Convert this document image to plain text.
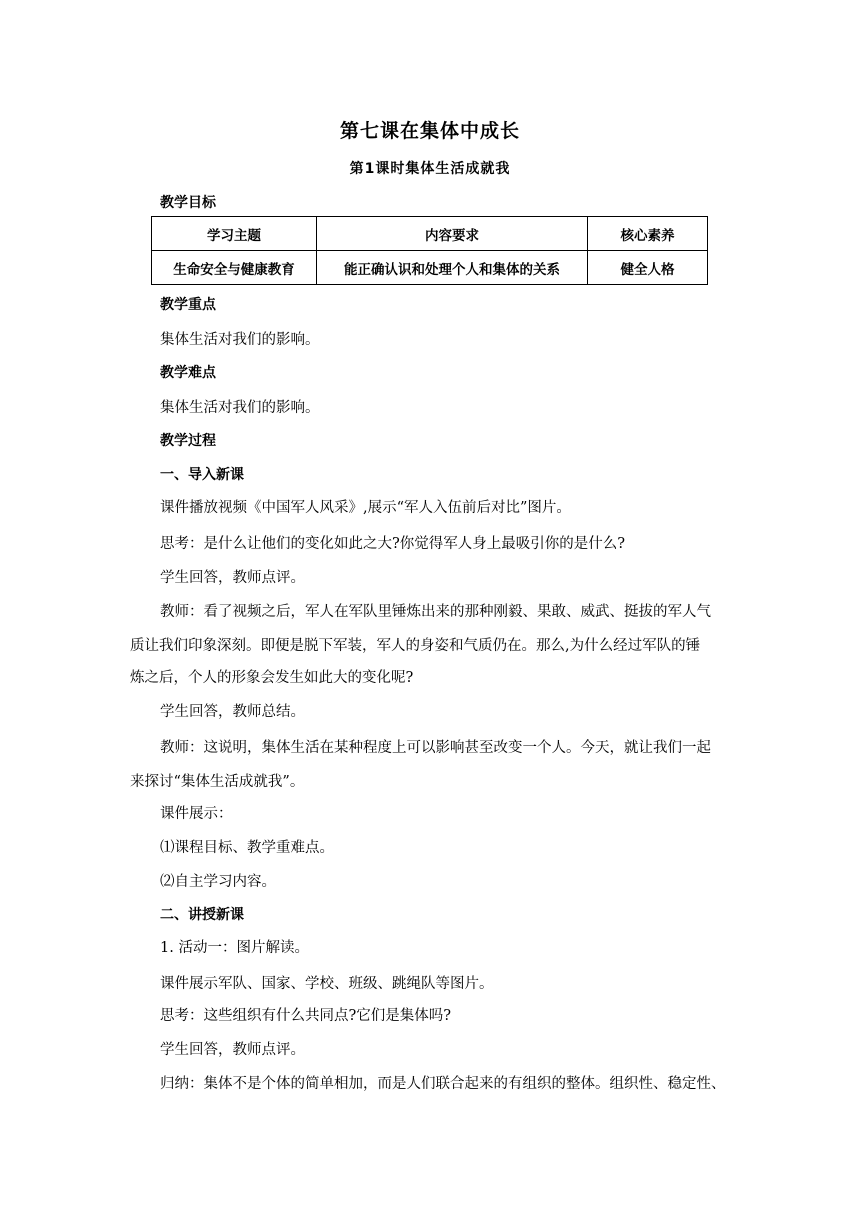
第七课在集体中成长
第1课时集体生活成就我
教学目标
学习主题	内容要求	核心素养
生命安全与健康教育	能正确认识和处理个人和集体的关系	健全人格
教学重点
集体生活对我们的影响。
教学难点
集体生活对我们的影响。
教学过程
一、导入新课
课件播放视频《中国军人风采》,展示“军人入伍前后对比”图片。
思考：是什么让他们的变化如此之大?你觉得军人身上最吸引你的是什么?
学生回答，教师点评。
教师：看了视频之后，军人在军队里锤炼出来的那种刚毅、果敢、威武、挺拔的军人气
质让我们印象深刻。即便是脱下军装，军人的身姿和气质仍在。那么,为什么经过军队的锤
炼之后，个人的形象会发生如此大的变化呢?
学生回答，教师总结。
教师：这说明，集体生活在某种程度上可以影响甚至改变一个人。今天，就让我们一起
来探讨“集体生活成就我”。
课件展示：
⑴课程目标、教学重难点。
⑵自主学习内容。
二、讲授新课
1. 活动一：图片解读。
课件展示军队、国家、学校、班级、跳绳队等图片。
思考：这些组织有什么共同点?它们是集体吗?
学生回答，教师点评。
归纳：集体不是个体的简单相加，而是人们联合起来的有组织的整体。组织性、稳定性、
